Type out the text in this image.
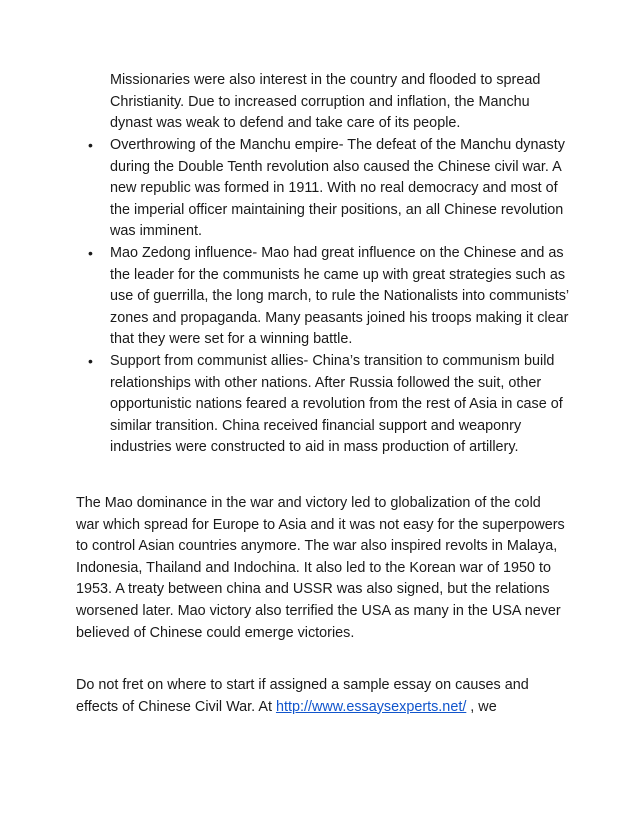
Missionaries were also interest in the country and flooded to spread Christianity. Due to increased corruption and inflation, the Manchu dynast was weak to defend and take care of its people.

•	Overthrowing of the Manchu empire- The defeat of the Manchu dynasty during the Double Tenth revolution also caused the Chinese civil war. A new republic was formed in 1911. With no real democracy and most of the imperial officer maintaining their positions, an all Chinese revolution was imminent.
•	Mao Zedong influence- Mao had great influence on the Chinese and as the leader for the communists he came up with great strategies such as use of guerrilla, the long march, to rule the Nationalists into communists’ zones and propaganda. Many peasants joined his troops making it clear that they were set for a winning battle.
•	Support from communist allies- China’s transition to communism build relationships with other nations. After Russia followed the suit, other opportunistic nations feared a revolution from the rest of Asia in case of similar transition. China received financial support and weaponry industries were constructed to aid in mass production of artillery.

The Mao dominance in the war and victory led to globalization of the cold war which spread for Europe to Asia and it was not easy for the superpowers to control Asian countries anymore. The war also inspired revolts in Malaya, Indonesia, Thailand and Indochina. It also led to the Korean war of 1950 to 1953. A treaty between china and USSR was also signed, but the relations worsened later. Mao victory also terrified the USA as many in the USA never believed of Chinese could emerge victories.

Do not fret on where to start if assigned a sample essay on causes and effects of Chinese Civil War. At http://www.essaysexperts.net/ , we
